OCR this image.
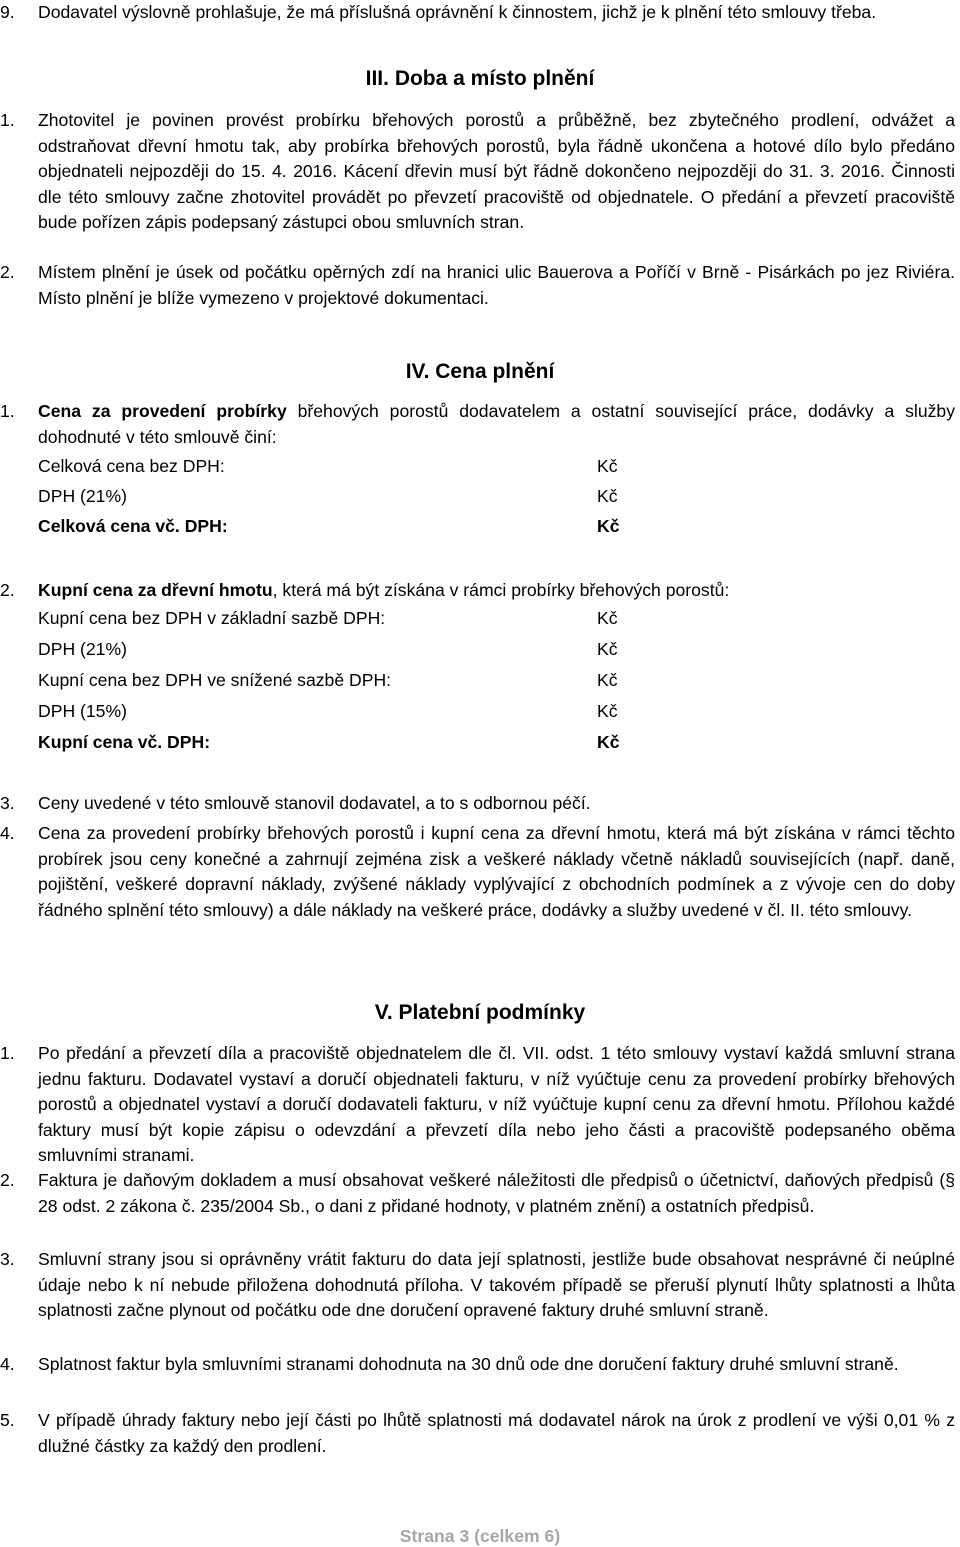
9.	Dodavatel výslovně prohlašuje, že má příslušná oprávnění k činnostem, jichž je k plnění této smlouvy třeba.
III. Doba a místo plnění
1.	Zhotovitel je povinen provést probírku břehových porostů a průběžně, bez zbytečného prodlení, odvážet a odstraňovat dřevní hmotu tak, aby probírka břehových porostů, byla řádně ukončena a hotové dílo bylo předáno objednateli nejpozději do 15. 4. 2016. Kácení dřevin musí být řádně dokončeno nejpozději do 31. 3. 2016. Činnosti dle této smlouvy začne zhotovitel provádět po převzetí pracoviště od objednatele. O předání a převzetí pracoviště bude pořízen zápis podepsaný zástupci obou smluvních stran.
2.	Místem plnění je úsek od počátku opěrných zdí na hranici ulic Bauerova a Poříčí v Brně - Pisárkách po jez Riviéra. Místo plnění je blíže vymezeno v projektové dokumentaci.
IV. Cena plnění
1.	Cena za provedení probírky břehových porostů dodavatelem a ostatní související práce, dodávky a služby dohodnuté v této smlouvě činí:
Celková cena bez DPH:	Kč
DPH (21%)	Kč
Celková cena vč. DPH:	Kč
2.	Kupní cena za dřevní hmotu, která má být získána v rámci probírky břehových porostů:
Kupní cena bez DPH v základní sazbě DPH:	Kč
DPH (21%)	Kč
Kupní cena bez DPH ve snížené sazbě DPH:	Kč
DPH (15%)	Kč
Kupní cena vč. DPH:	Kč
3.	Ceny uvedené v této smlouvě stanovil dodavatel, a to s odbornou péčí.
4.	Cena za provedení probírky břehových porostů i kupní cena za dřevní hmotu, která má být získána v rámci těchto probírek jsou ceny konečné a zahrnují zejména zisk a veškeré náklady včetně nákladů souvisejících (např. daně, pojištění, veškeré dopravní náklady, zvýšené náklady vyplývající z obchodních podmínek a z vývoje cen do doby řádného splnění této smlouvy) a dále náklady na veškeré práce, dodávky a služby uvedené v čl. II. této smlouvy.
V. Platební podmínky
1.	Po předání a převzetí díla a pracoviště objednatelem dle čl. VII. odst. 1 této smlouvy vystaví každá smluvní strana jednu fakturu. Dodavatel vystaví a doručí objednateli fakturu, v níž vyúčtuje cenu za provedení probírky břehových porostů a objednatel vystaví a doručí dodavateli fakturu, v níž vyúčtuje kupní cenu za dřevní hmotu. Přílohou každé faktury musí být kopie zápisu o odevzdání a převzetí díla nebo jeho části a pracoviště podepsaného oběma smluvními stranami.
2.	Faktura je daňovým dokladem a musí obsahovat veškeré náležitosti dle předpisů o účetnictví, daňových předpisů (§ 28 odst. 2 zákona č. 235/2004 Sb., o dani z přidané hodnoty, v platném znění) a ostatních předpisů.
3.	Smluvní strany jsou si oprávněny vrátit fakturu do data její splatnosti, jestliže bude obsahovat nesprávné či neúplné údaje nebo k ní nebude přiložena dohodnutá příloha. V takovém případě se přeruší plynutí lhůty splatnosti a lhůta splatnosti začne plynout od počátku ode dne doručení opravené faktury druhé smluvní straně.
4.	Splatnost faktur byla smluvními stranami dohodnuta na 30 dnů ode dne doručení faktury druhé smluvní straně.
5.	V případě úhrady faktury nebo její části po lhůtě splatnosti má dodavatel nárok na úrok z prodlení ve výši 0,01 % z dlužné částky za každý den prodlení.
Strana 3 (celkem 6)
